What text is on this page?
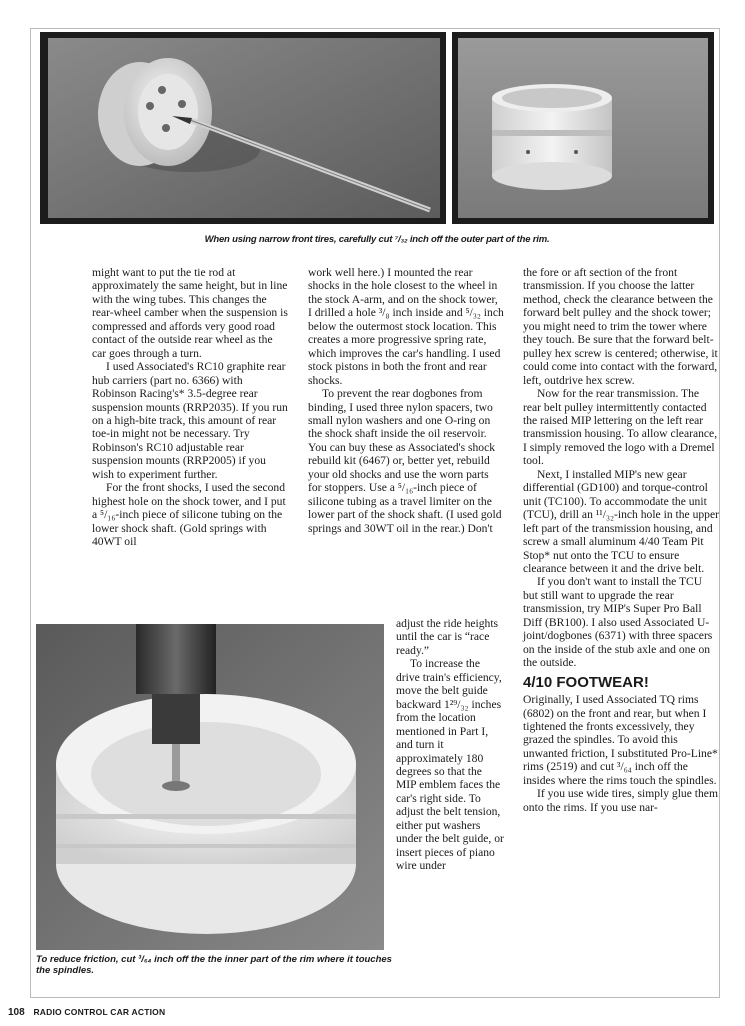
When using narrow front tires, carefully cut ⁷/₃₂ inch off the outer part of the rim.

might want to put the tie rod at approximately the same height, but in line with the wing tubes. This changes the rear-wheel camber when the suspension is compressed and affords very good road contact of the outside rear wheel as the car goes through a turn.

I used Associated's RC10 graphite rear hub carriers (part no. 6366) with Robinson Racing's* 3.5-degree rear suspension mounts (RRP2035). If you run on a high-bite track, this amount of rear toe-in might not be necessary. Try Robinson's RC10 adjustable rear suspension mounts (RRP2005) if you wish to experiment further.

For the front shocks, I used the second highest hole on the shock tower, and I put a ⁵/₁₆-inch piece of silicone tubing on the lower shock shaft. (Gold springs with 40WT oil

work well here.) I mounted the rear shocks in the hole closest to the wheel in the stock A-arm, and on the shock tower, I drilled a hole ³/₈ inch inside and ⁵/₃₂ inch below the outermost stock location. This creates a more progressive spring rate, which improves the car's handling. I used stock pistons in both the front and rear shocks.

To prevent the rear dogbones from binding, I used three nylon spacers, two small nylon washers and one O-ring on the shock shaft inside the oil reservoir. You can buy these as Associated's shock rebuild kit (6467) or, better yet, rebuild your old shocks and use the worn parts for stoppers. Use a ⁵/₁₆-inch piece of silicone tubing as a travel limiter on the lower part of the shock shaft. (I used gold springs and 30WT oil in the rear.) Don't

adjust the ride heights until the car is “race ready.”

To increase the drive train's efficiency, move the belt guide backward 1²⁹/₃₂ inches from the location mentioned in Part I, and turn it approximately 180 degrees so that the MIP emblem faces the car's right side. To adjust the belt tension, either put washers under the belt guide, or insert pieces of piano wire under

the fore or aft section of the front transmission. If you choose the latter method, check the clearance between the forward belt pulley and the shock tower; you might need to trim the tower where they touch. Be sure that the forward belt-pulley hex screw is centered; otherwise, it could come into contact with the forward, left, outdrive hex screw.

Now for the rear transmission. The rear belt pulley intermittently contacted the raised MIP lettering on the left rear transmission housing. To allow clearance, I simply removed the logo with a Dremel tool.

Next, I installed MIP's new gear differential (GD100) and torque-control unit (TC100). To accommodate the unit (TCU), drill an ¹¹/₃₂-inch hole in the upper left part of the transmission housing, and screw a small aluminum 4/40 Team Pit Stop* nut onto the TCU to ensure clearance between it and the drive belt.

If you don't want to install the TCU but still want to upgrade the rear transmission, try MIP's Super Pro Ball Diff (BR100). I also used Associated U-joint/dogbones (6371) with three spacers on the inside of the stub axle and one on the outside.

4/10 FOOTWEAR!

Originally, I used Associated TQ rims (6802) on the front and rear, but when I tightened the fronts excessively, they grazed the spindles. To avoid this unwanted friction, I substituted Pro-Line* rims (2519) and cut ³/₆₄ inch off the insides where the rims touch the spindles.

If you use wide tires, simply glue them onto the rims. If you use nar-

To reduce friction, cut ³/₆₄ inch off the the inner part of the rim where it touches the spindles.
108 RADIO CONTROL CAR ACTION
